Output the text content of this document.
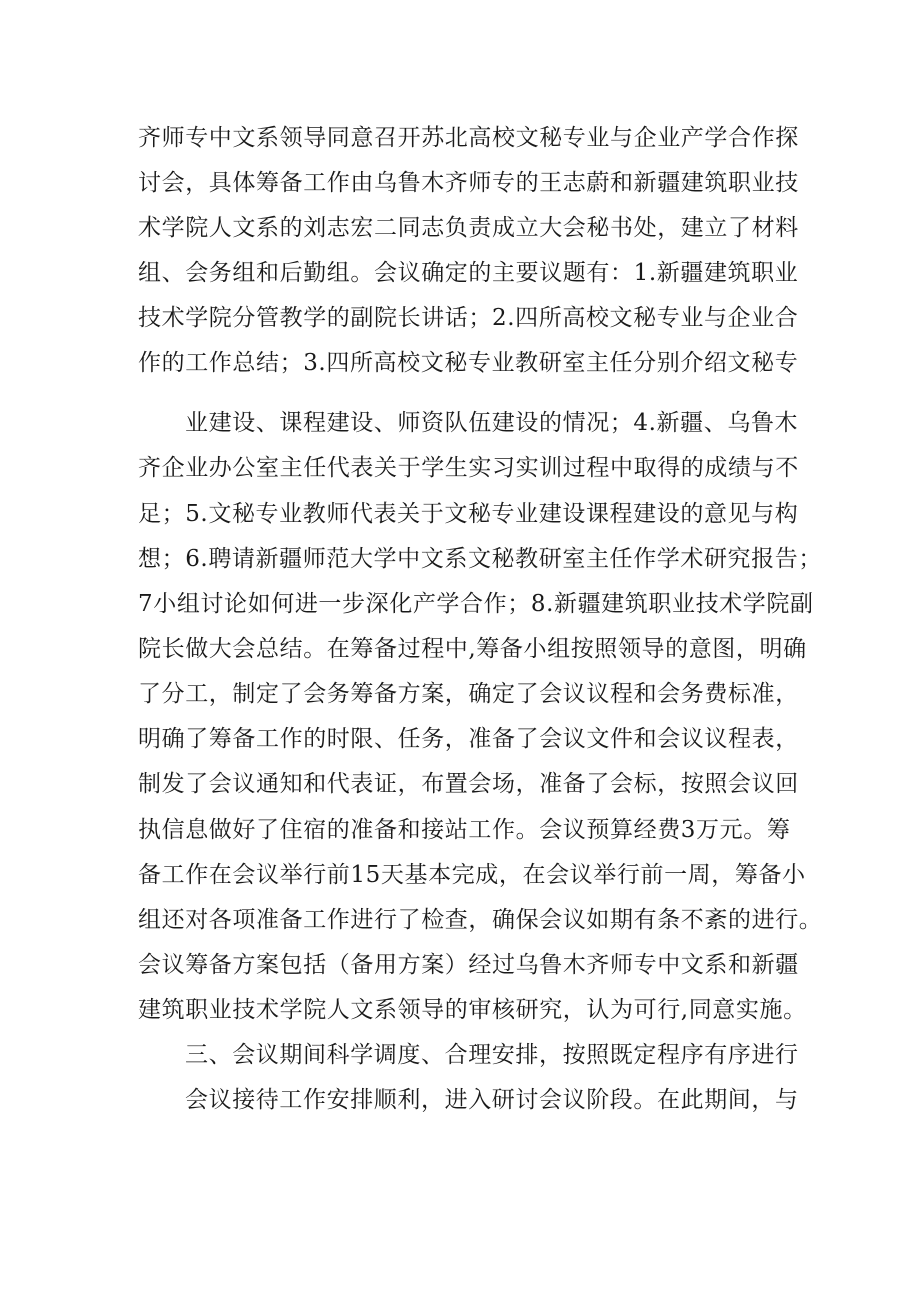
齐师专中文系领导同意召开苏北高校文秘专业与企业产学合作探
讨会，具体筹备工作由乌鲁木齐师专的王志蔚和新疆建筑职业技
术学院人文系的刘志宏二同志负责成立大会秘书处，建立了材料
组、会务组和后勤组。会议确定的主要议题有：1.新疆建筑职业
技术学院分管教学的副院长讲话；2.四所高校文秘专业与企业合
作的工作总结；3.四所高校文秘专业教研室主任分别介绍文秘专
业建设、课程建设、师资队伍建设的情况；4.新疆、乌鲁木
齐企业办公室主任代表关于学生实习实训过程中取得的成绩与不
足；5.文秘专业教师代表关于文秘专业建设课程建设的意见与构
想；6.聘请新疆师范大学中文系文秘教研室主任作学术研究报告；
7小组讨论如何进一步深化产学合作；8.新疆建筑职业技术学院副
院长做大会总结。在筹备过程中,筹备小组按照领导的意图，明确
了分工，制定了会务筹备方案，确定了会议议程和会务费标准，
明确了筹备工作的时限、任务，准备了会议文件和会议议程表，
制发了会议通知和代表证，布置会场，准备了会标，按照会议回
执信息做好了住宿的准备和接站工作。会议预算经费3万元。筹
备工作在会议举行前15天基本完成，在会议举行前一周，筹备小
组还对各项准备工作进行了检查，确保会议如期有条不紊的进行。
会议筹备方案包括（备用方案）经过乌鲁木齐师专中文系和新疆
建筑职业技术学院人文系领导的审核研究，认为可行,同意实施。
三、会议期间科学调度、合理安排，按照既定程序有序进行
会议接待工作安排顺利，进入研讨会议阶段。在此期间，与
